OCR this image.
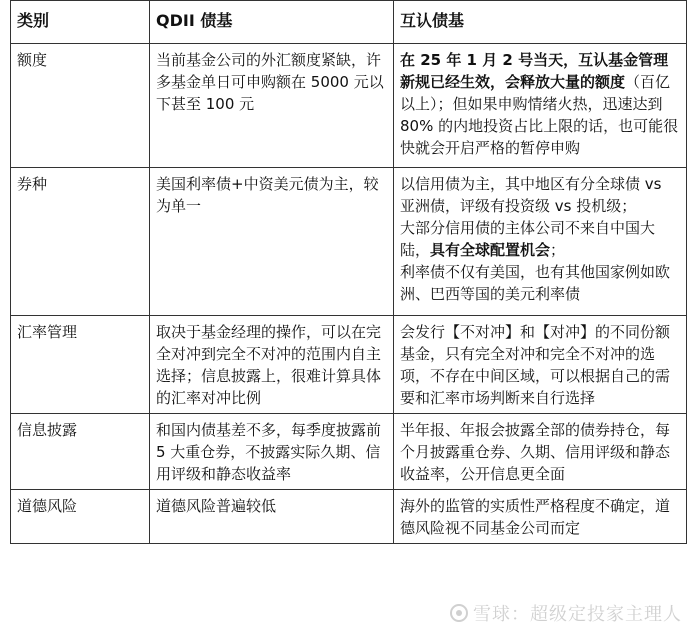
类别	QDII 债基	互认债基
额度	当前基金公司的外汇额度紧缺，许多基金单日可申购额在 5000 元以下甚至 100 元	在 25 年 1 月 2 号当天，互认基金管理新规已经生效，会释放大量的额度（百亿以上）；但如果申购情绪火热，迅速达到 80% 的内地投资占比上限的话，也可能很快就会开启严格的暂停申购
券种	美国利率债+中资美元债为主，较为单一	以信用债为主，其中地区有分全球债 vs 亚洲债，评级有投资级 vs 投机级；
大部分信用债的主体公司不来自中国大陆，具有全球配置机会；
利率债不仅有美国，也有其他国家例如欧洲、巴西等国的美元利率债

汇率管理	取决于基金经理的操作，可以在完全对冲到完全不对冲的范围内自主选择；信息披露上，很难计算具体的汇率对冲比例	会发行【不对冲】和【对冲】的不同份额基金，只有完全对冲和完全不对冲的选项，不存在中间区域，可以根据自己的需要和汇率市场判断来自行选择
信息披露	和国内债基差不多，每季度披露前 5 大重仓券，不披露实际久期、信用评级和静态收益率	半年报、年报会披露全部的债券持仓，每个月披露重仓券、久期、信用评级和静态收益率，公开信息更全面
道德风险	道德风险普遍较低	海外的监管的实质性严格程度不确定，道德风险视不同基金公司而定
雪球：超级定投家主理人
